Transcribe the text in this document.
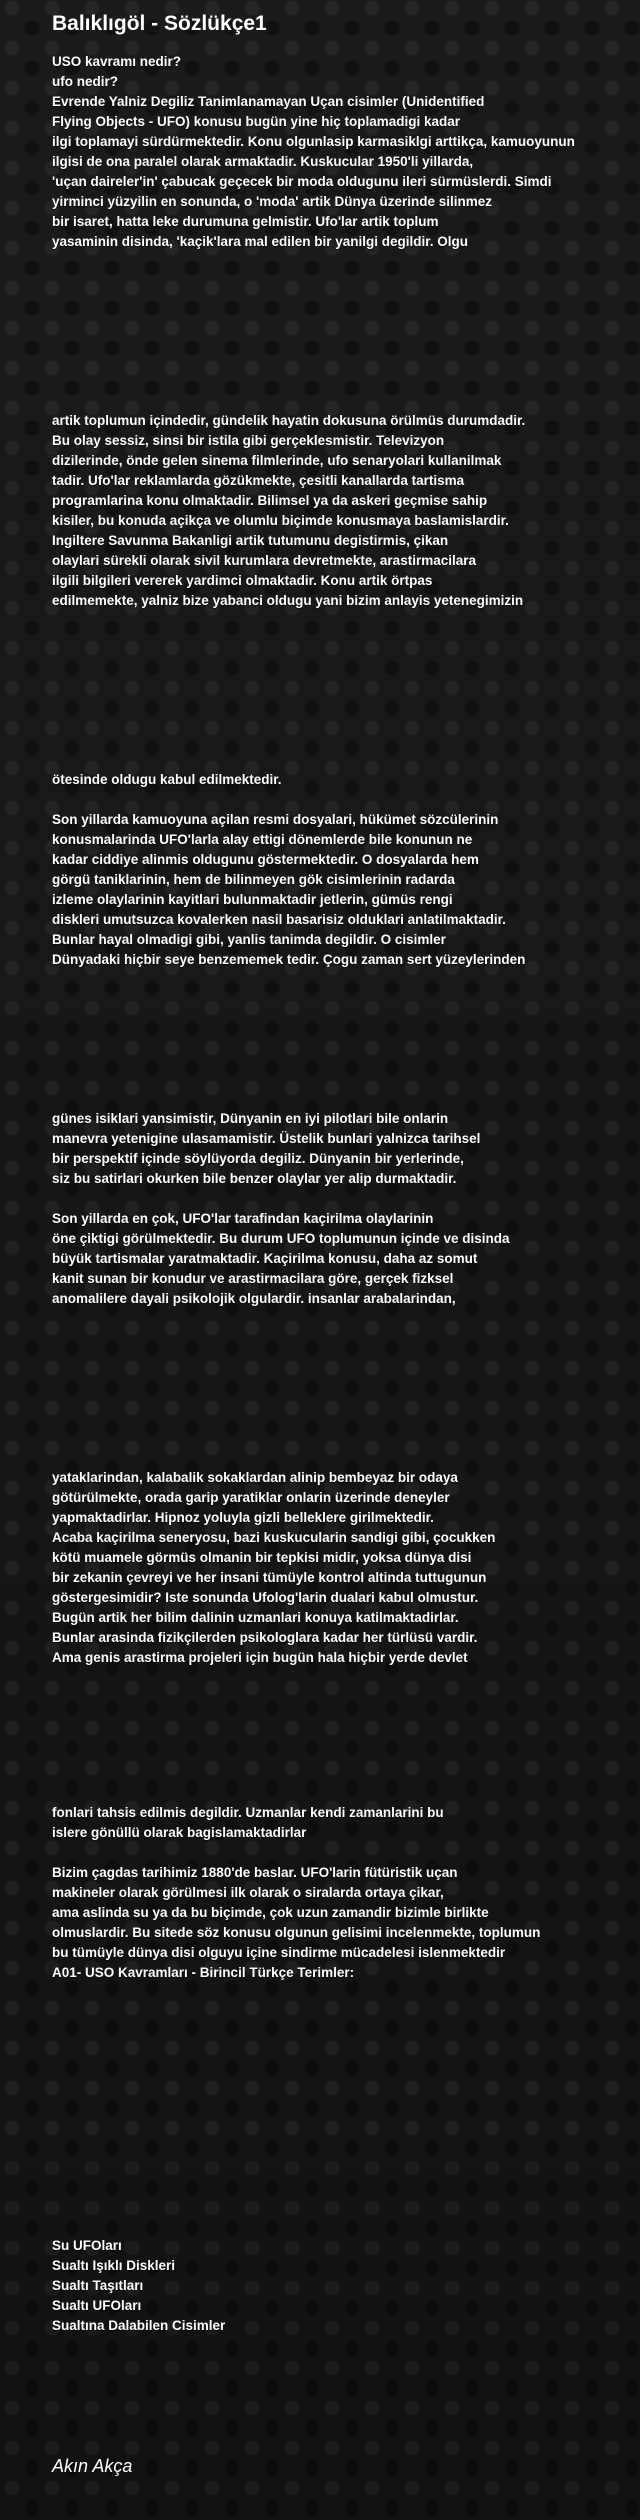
Balıklıgöl - Sözlükçe1
USO kavramı nedir?
ufo nedir?
Evrende Yalniz Degiliz Tanimlanamayan Uçan cisimler (Unidentified
Flying Objects - UFO) konusu bugün yine hiç toplamadigi kadar
ilgi toplamayi sürdürmektedir. Konu olgunlasip karmasiklgi arttikça, kamuoyunun
ilgisi de ona paralel olarak armaktadir. Kuskucular 1950'li yillarda,
'uçan daireler'in' çabucak geçecek bir moda oldugunu ileri sürmüslerdi. Simdi
yirminci yüzyilin en sonunda, o 'moda' artik Dünya üzerinde silinmez
bir isaret, hatta leke durumuna gelmistir. Ufo'lar artik toplum
yasaminin disinda, 'kaçik'lara mal edilen bir yanilgi degildir. Olgu
artik toplumun içindedir, gündelik hayatin dokusuna örülmüs durumdadir.
Bu olay sessiz, sinsi bir istila gibi gerçeklesmistir. Televizyon
dizilerinde, önde gelen sinema filmlerinde, ufo senaryolari kullanilmak
tadir. Ufo'lar reklamlarda gözükmekte, çesitli kanallarda tartisma
programlarina konu olmaktadir. Bilimsel ya da askeri geçmise sahip
kisiler, bu konuda açikça ve olumlu biçimde konusmaya baslamislardir.
Ingiltere Savunma Bakanligi artik tutumunu degistirmis, çikan
olaylari sürekli olarak sivil kurumlara devretmekte, arastirmacilara
ilgili bilgileri vererek yardimci olmaktadir. Konu artik örtpas
edilmemekte, yalniz bize yabanci oldugu yani bizim anlayis yetenegimizin
ötesinde oldugu kabul edilmektedir.
Son yillarda kamuoyuna açilan resmi dosyalari, hükümet sözcülerinin
konusmalarinda UFO'larla alay ettigi dönemlerde bile konunun ne
kadar ciddiye alinmis oldugunu göstermektedir. O dosyalarda hem
görgü taniklarinin, hem de bilinmeyen gök cisimlerinin radarda
izleme olaylarinin kayitlari bulunmaktadir jetlerin, gümüs rengi
diskleri umutsuzca kovalerken nasil basarisiz olduklari anlatilmaktadir.
Bunlar hayal olmadigi gibi, yanlis tanimda degildir. O cisimler
Dünyadaki hiçbir seye benzememek tedir. Çogu zaman sert yüzeylerinden
günes isiklari yansimistir, Dünyanin en iyi pilotlari bile onlarin
manevra yetenigine ulasamamistir. Üstelik bunlari yalnizca tarihsel
bir perspektif içinde söylüyorda degiliz. Dünyanin bir yerlerinde,
siz bu satirlari okurken bile benzer olaylar yer alip durmaktadir.
Son yillarda en çok, UFO'lar tarafindan kaçirilma olaylarinin
öne çiktigi görülmektedir. Bu durum UFO toplumunun içinde ve disinda
büyük tartismalar yaratmaktadir. Kaçirilma konusu, daha az somut
kanit sunan bir konudur ve arastirmacilara göre, gerçek fizksel
anomalilere dayali psikolojik olgulardir. insanlar arabalarindan,
yataklarindan, kalabalik sokaklardan alinip bembeyaz bir odaya
götürülmekte, orada garip yaratiklar onlarin üzerinde deneyler
yapmaktadirlar. Hipnoz yoluyla gizli belleklere girilmektedir.
Acaba kaçirilma seneryosu, bazi kuskucularin sandigi gibi, çocukken
kötü muamele görmüs olmanin bir tepkisi midir, yoksa dünya disi
bir zekanin çevreyi ve her insani tümüyle kontrol altinda tuttugunun
göstergesimidir? Iste sonunda Ufolog'larin dualari kabul olmustur.
Bugün artik her bilim dalinin uzmanlari konuya katilmaktadirlar.
Bunlar arasinda fizikçilerden psikologlara kadar her türlüsü vardir.
Ama genis arastirma projeleri için bugün hala hiçbir yerde devlet
fonlari tahsis edilmis degildir. Uzmanlar kendi zamanlarini bu
islere gönüllü olarak bagislamaktadirlar
Bizim çagdas tarihimiz 1880'de baslar. UFO'larin fütüristik uçan
makineler olarak görülmesi ilk olarak o siralarda ortaya çikar,
ama aslinda su ya da bu biçimde, çok uzun zamandir bizimle birlikte
olmuslardir. Bu sitede söz konusu olgunun gelisimi incelenmekte, toplumun
bu tümüyle dünya disi olguyu içine sindirme mücadelesi islenmektedir
A01- USO Kavramları - Birincil Türkçe Terimler:
Su UFOları
Sualtı Işıklı Diskleri
Sualtı Taşıtları
Sualtı UFOları
Sualtına Dalabilen Cisimler

Akın Akça
